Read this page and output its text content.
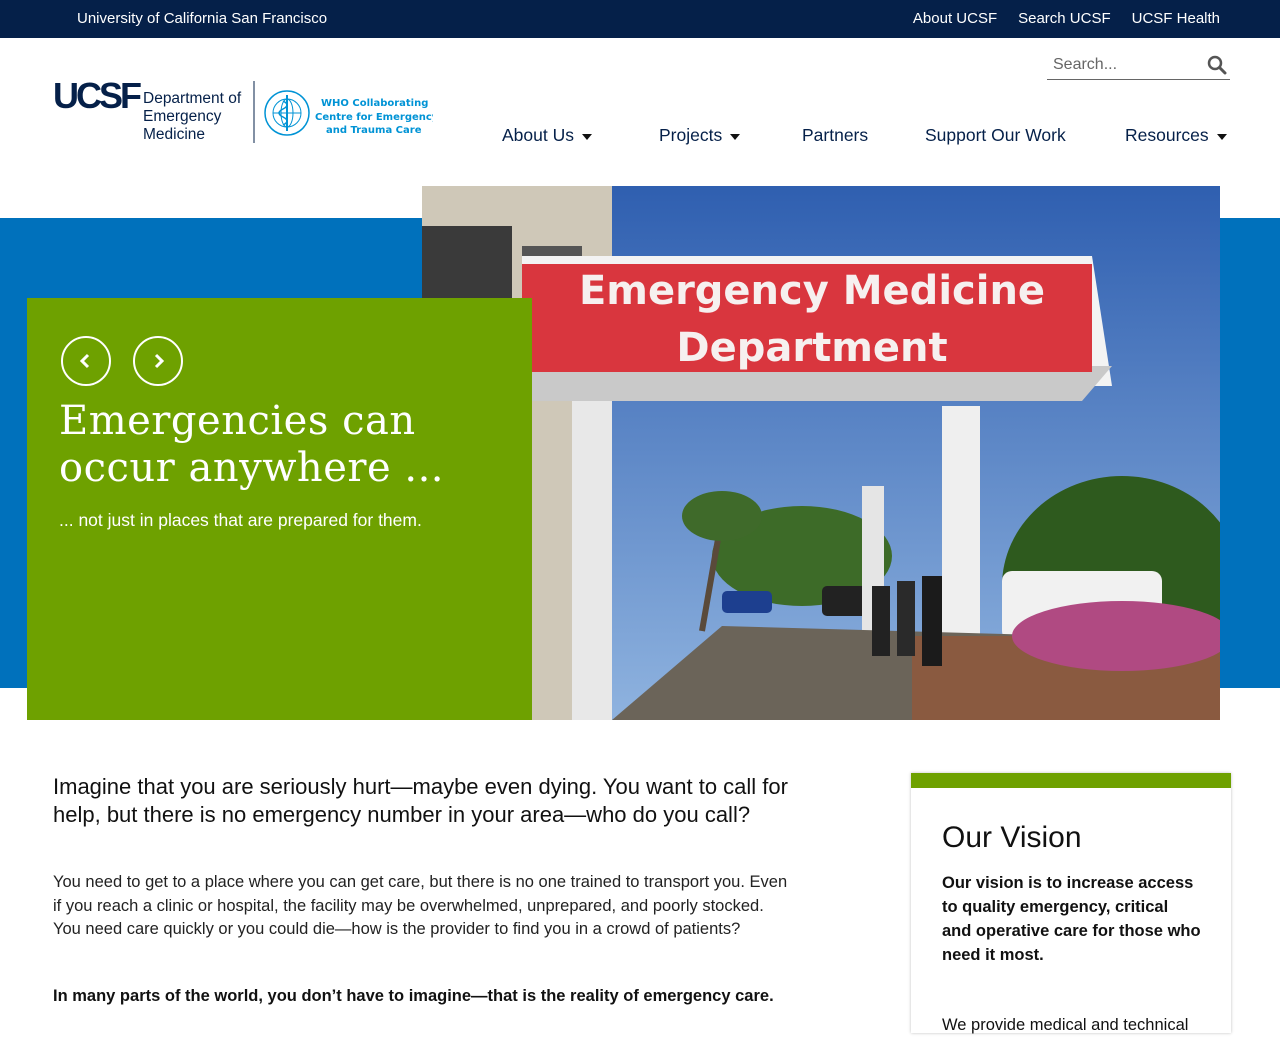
University of California San Francisco	About UCSF Search UCSF UCSF Health
UCSF Department of
Emergency
Medicine
WHO Collaborating
Centre for Emergency
and Trauma Care
Search...	About Us	Projects	Partners	Support Our Work	Resources
Emergency Medicine
Department
Emergencies can occur anywhere ...

... not just in places that are prepared for them.

Imagine that you are seriously hurt—maybe even dying. You want to call for help, but there is no emergency number in your area—who do you call?

You need to get to a place where you can get care, but there is no one trained to transport you. Even if you reach a clinic or hospital, the facility may be overwhelmed, unprepared, and poorly stocked. You need care quickly or you could die—how is the provider to find you in a crowd of patients?

In many parts of the world, you don’t have to imagine—that is the reality of emergency care.

Our Vision

Our vision is to increase access to quality emergency, critical and operative care for those who need it most.

We provide medical and technical
